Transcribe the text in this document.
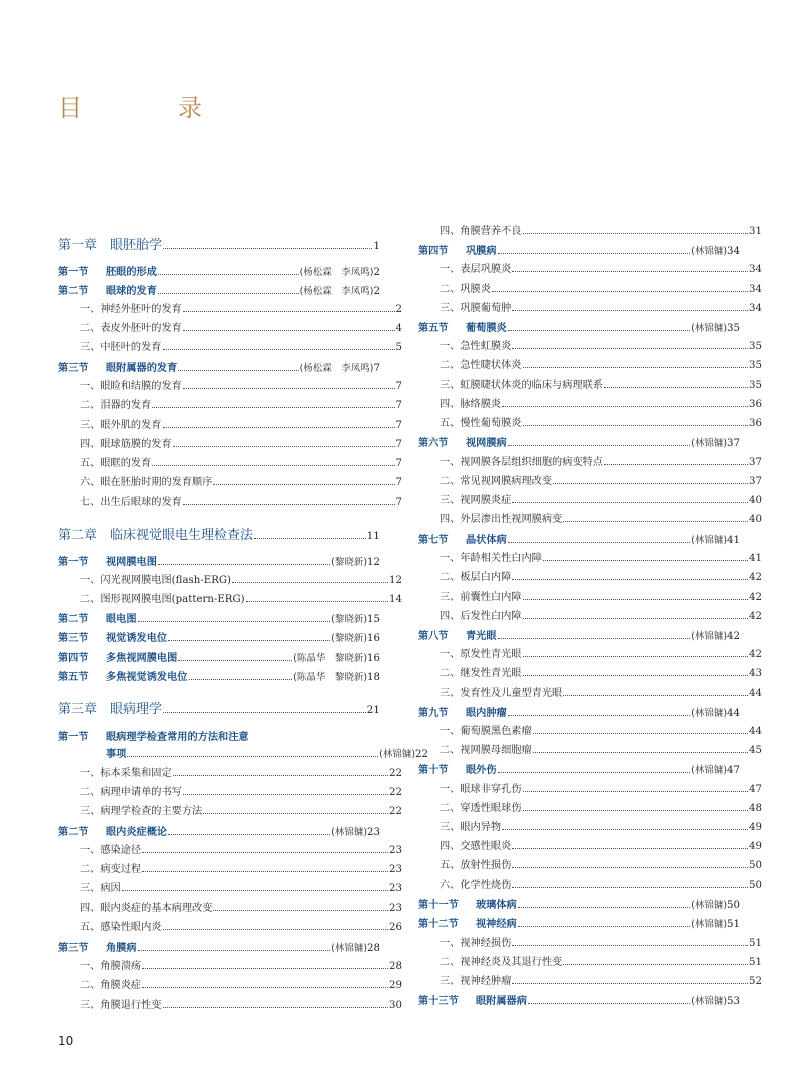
目　录
第一章　眼胚胎学	1
第一节 胚眼的形成	(杨松霖　李凤鸣) 2
第二节 眼球的发育	(杨松霖　李凤鸣) 2
一、神经外胚叶的发育	2
二、表皮外胚叶的发育	4
三、中胚叶的发育	5
第三节 眼附属器的发育	(杨松霖　李凤鸣) 7
一、眼睑和结膜的发育	7
二、泪器的发育	7
三、眼外肌的发育	7
四、眼球筋膜的发育	7
五、眼眶的发育	7
六、眼在胚胎时期的发育顺序	7
七、出生后眼球的发育	7
第二章　临床视觉眼电生理检查法	11
第一节 视网膜电图	(黎晓新) 12
一、闪光视网膜电图(flash-ERG)	12
二、图形视网膜电图(pattern-ERG)	14
第二节 眼电图	(黎晓新) 15
第三节 视觉诱发电位	(黎晓新) 16
第四节 多焦视网膜电图	(陈晶华　黎晓新) 16
第五节 多焦视觉诱发电位	(陈晶华　黎晓新) 18
第三章　眼病理学	21
第一节 眼病理学检查常用的方法和注意
事项	(林锦镛) 22
一、标本采集和固定	22
二、病理申请单的书写	22
三、病理学检查的主要方法	22
第二节 眼内炎症概论	(林锦镛) 23
一、感染途径	23
二、病变过程	23
三、病因	23
四、眼内炎症的基本病理改变	23
五、感染性眼内炎	26
第三节 角膜病	(林锦镛) 28
一、角膜溃疡	28
二、角膜炎症	29
三、角膜退行性变	30
四、角膜营养不良	31
第四节 巩膜病	(林锦镛) 34
一、表层巩膜炎	34
二、巩膜炎	34
三、巩膜葡萄肿	34
第五节 葡萄膜炎	(林锦镛) 35
一、急性虹膜炎	35
二、急性睫状体炎	35
三、虹膜睫状体炎的临床与病理联系	35
四、脉络膜炎	36
五、慢性葡萄膜炎	36
第六节 视网膜病	(林锦镛) 37
一、视网膜各层组织细胞的病变特点	37
二、常见视网膜病理改变	37
三、视网膜炎症	40
四、外层渗出性视网膜病变	40
第七节 晶状体病	(林锦镛) 41
一、年龄相关性白内障	41
二、板层白内障	42
三、前囊性白内障	42
四、后发性白内障	42
第八节 青光眼	(林锦镛) 42
一、原发性青光眼	42
二、继发性青光眼	43
三、发育性及儿童型青光眼	44
第九节 眼内肿瘤	(林锦镛) 44
一、葡萄膜黑色素瘤	44
二、视网膜母细胞瘤	45
第十节 眼外伤	(林锦镛) 47
一、眼球非穿孔伤	47
二、穿透性眼球伤	48
三、眼内异物	49
四、交感性眼炎	49
五、放射性损伤	50
六、化学性烧伤	50
第十一节 玻璃体病	(林锦镛) 50
第十二节 视神经病	(林锦镛) 51
一、视神经损伤	51
二、视神经炎及其退行性变	51
三、视神经肿瘤	52
第十三节 眼附属器病	(林锦镛) 53
10
